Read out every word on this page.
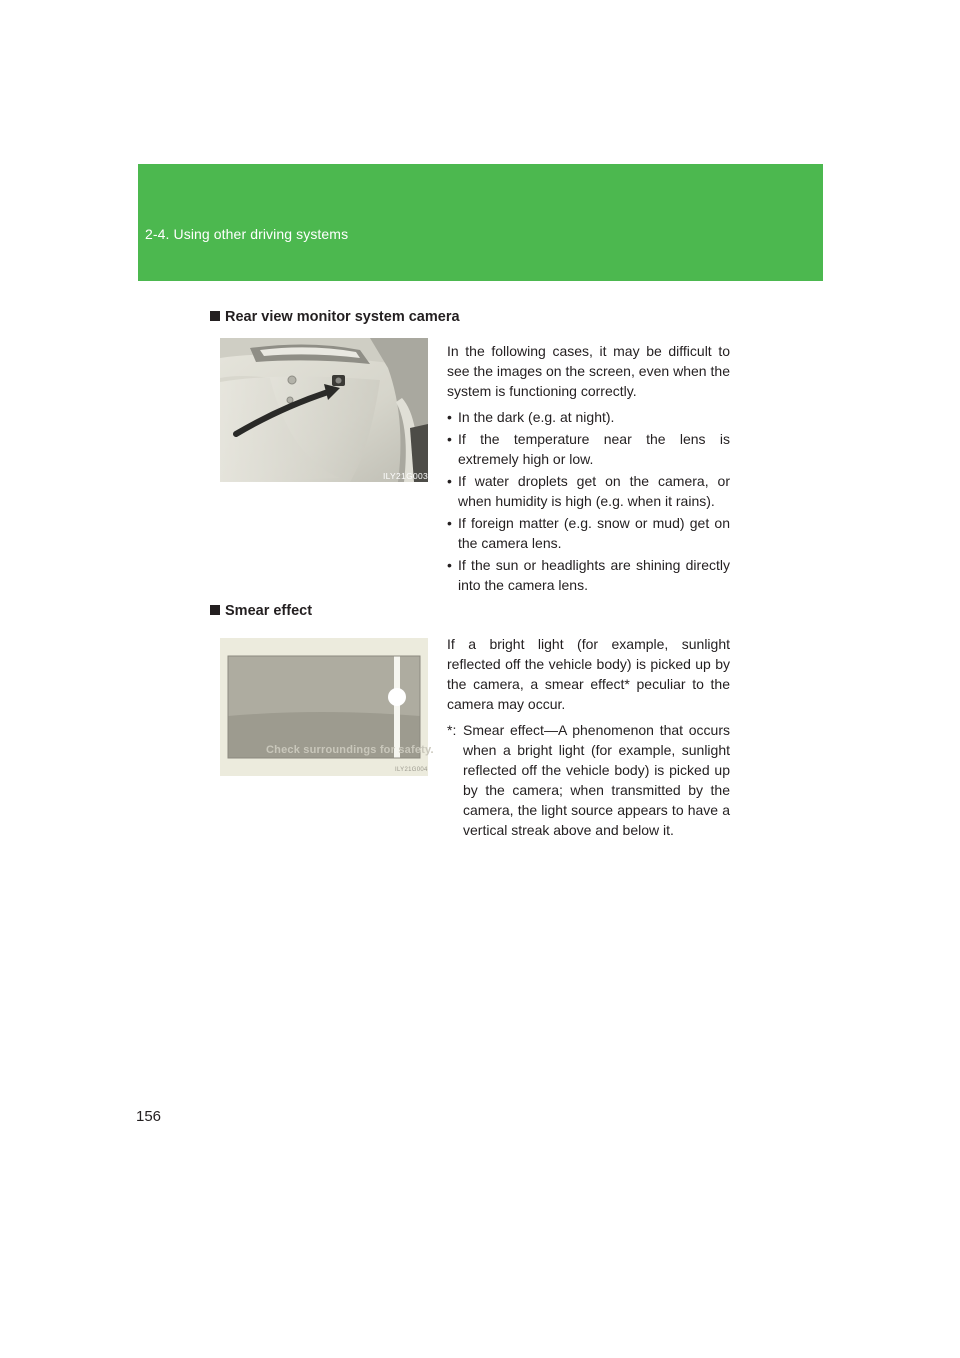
2-4. Using other driving systems
Rear view monitor system camera
ILY21G003

In the following cases, it may be difficult to see the images on the screen, even when the system is functioning correctly.

• In the dark (e.g. at night).
• If the temperature near the lens is extremely high or low.
• If water droplets get on the camera, or when humidity is high (e.g. when it rains).
• If foreign matter (e.g. snow or mud) get on the camera lens.
• If the sun or headlights are shining directly into the camera lens.
Smear effect
Check surroundings for safety.
ILY21G004

If a bright light (for example, sunlight reflected off the vehicle body) is picked up by the camera, a smear effect* peculiar to the camera may occur.

*: Smear effect—A phenomenon that occurs when a bright light (for example, sunlight reflected off the vehicle body) is picked up by the camera; when transmitted by the camera, the light source appears to have a vertical streak above and below it.
156
